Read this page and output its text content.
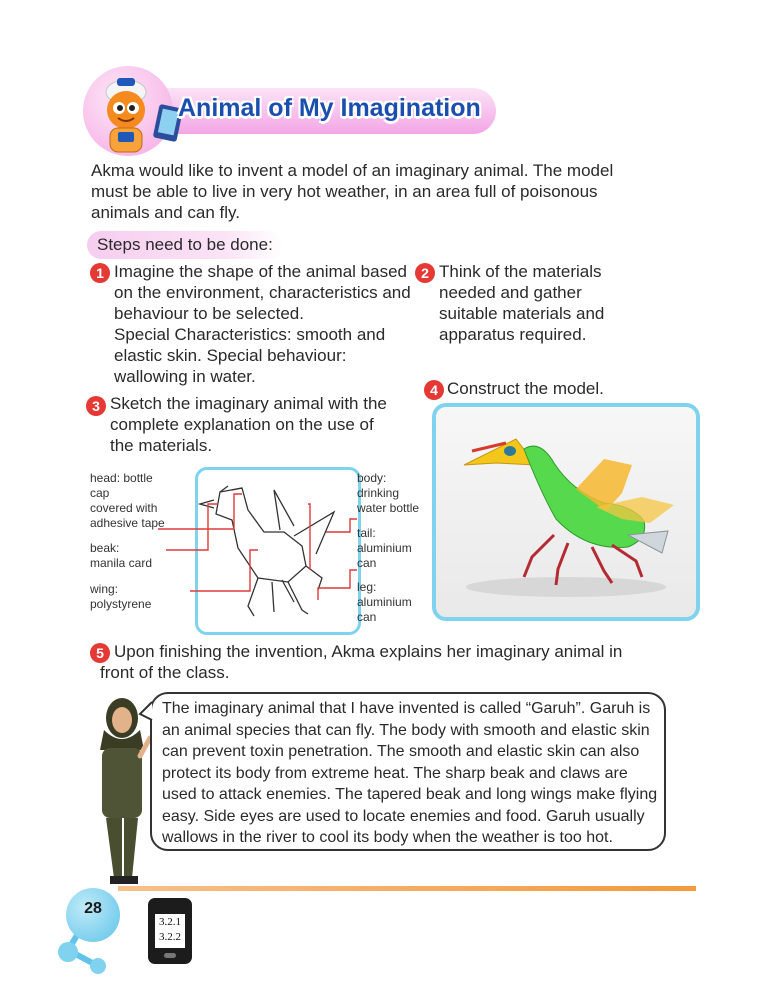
Animal of My Imagination
Akma would like to invent a model of an imaginary animal. The model
must be able to live in very hot weather, in an area full of poisonous
animals and can fly.
Steps need to be done:
1 Imagine the shape of the animal based
on the environment, characteristics and
behaviour to be selected.
Special Characteristics: smooth and
elastic skin. Special behaviour:
wallowing in water.
2 Think of the materials
needed and gather
suitable materials and
apparatus required.
3 Sketch the imaginary animal with the
complete explanation on the use of
the materials.
4 Construct the model.
head: bottle
cap
covered with
adhesive tape
beak:
manila card
wing:
polystyrene
body:
drinking
water bottle
tail:
aluminium
can
leg:
aluminium
can
5 Upon finishing the invention, Akma explains her imaginary animal in
front of the class.
The imaginary animal that I have invented is called “Garuh”. Garuh is
an animal species that can fly. The body with smooth and elastic skin
can prevent toxin penetration. The smooth and elastic skin can also
protect its body from extreme heat. The sharp beak and claws are
used to attack enemies. The tapered beak and long wings make flying
easy. Side eyes are used to locate enemies and food. Garuh usually
wallows in the river to cool its body when the weather is too hot.
28
3.2.1
3.2.2
